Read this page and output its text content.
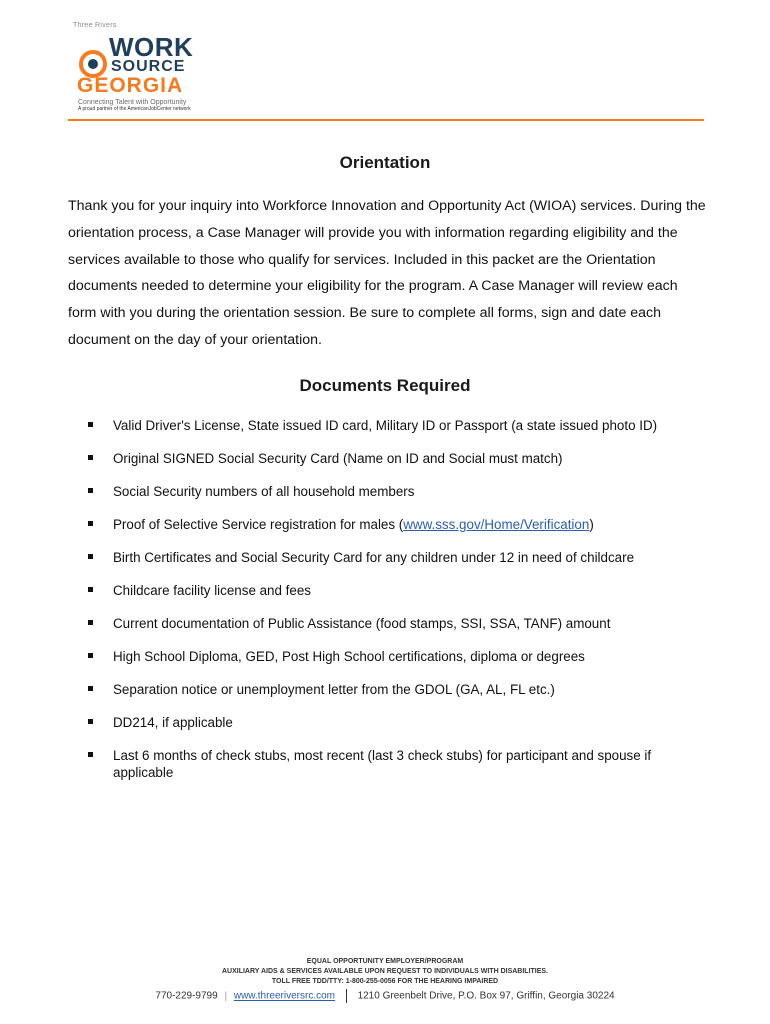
Three Rivers
WORK
SOURCE
GEORGIA
Connecting Talent with Opportunity
A proud partner of the AmericanJobCenter network
Orientation
Thank you for your inquiry into Workforce Innovation and Opportunity Act (WIOA) services. During the orientation process, a Case Manager will provide you with information regarding eligibility and the services available to those who qualify for services. Included in this packet are the Orientation documents needed to determine your eligibility for the program. A Case Manager will review each form with you during the orientation session. Be sure to complete all forms, sign and date each document on the day of your orientation.
Documents Required
Valid Driver's License, State issued ID card, Military ID or Passport (a state issued photo ID)
Original SIGNED Social Security Card (Name on ID and Social must match)
Social Security numbers of all household members
Proof of Selective Service registration for males (www.sss.gov/Home/Verification)
Birth Certificates and Social Security Card for any children under 12 in need of childcare
Childcare facility license and fees
Current documentation of Public Assistance (food stamps, SSI, SSA, TANF) amount
High School Diploma, GED, Post High School certifications, diploma or degrees
Separation notice or unemployment letter from the GDOL (GA, AL, FL etc.)
DD214, if applicable
Last 6 months of check stubs, most recent (last 3 check stubs) for participant and spouse if applicable
EQUAL OPPORTUNITY EMPLOYER/PROGRAM
AUXILIARY AIDS & SERVICES AVAILABLE UPON REQUEST TO INDIVIDUALS WITH DISABILITIES.
TOLL FREE TDD/TTY: 1-800-255-0056 FOR THE HEARING IMPAIRED
770-229-9799 | www.threeriversrc.com 1210 Greenbelt Drive, P.O. Box 97, Griffin, Georgia 30224
